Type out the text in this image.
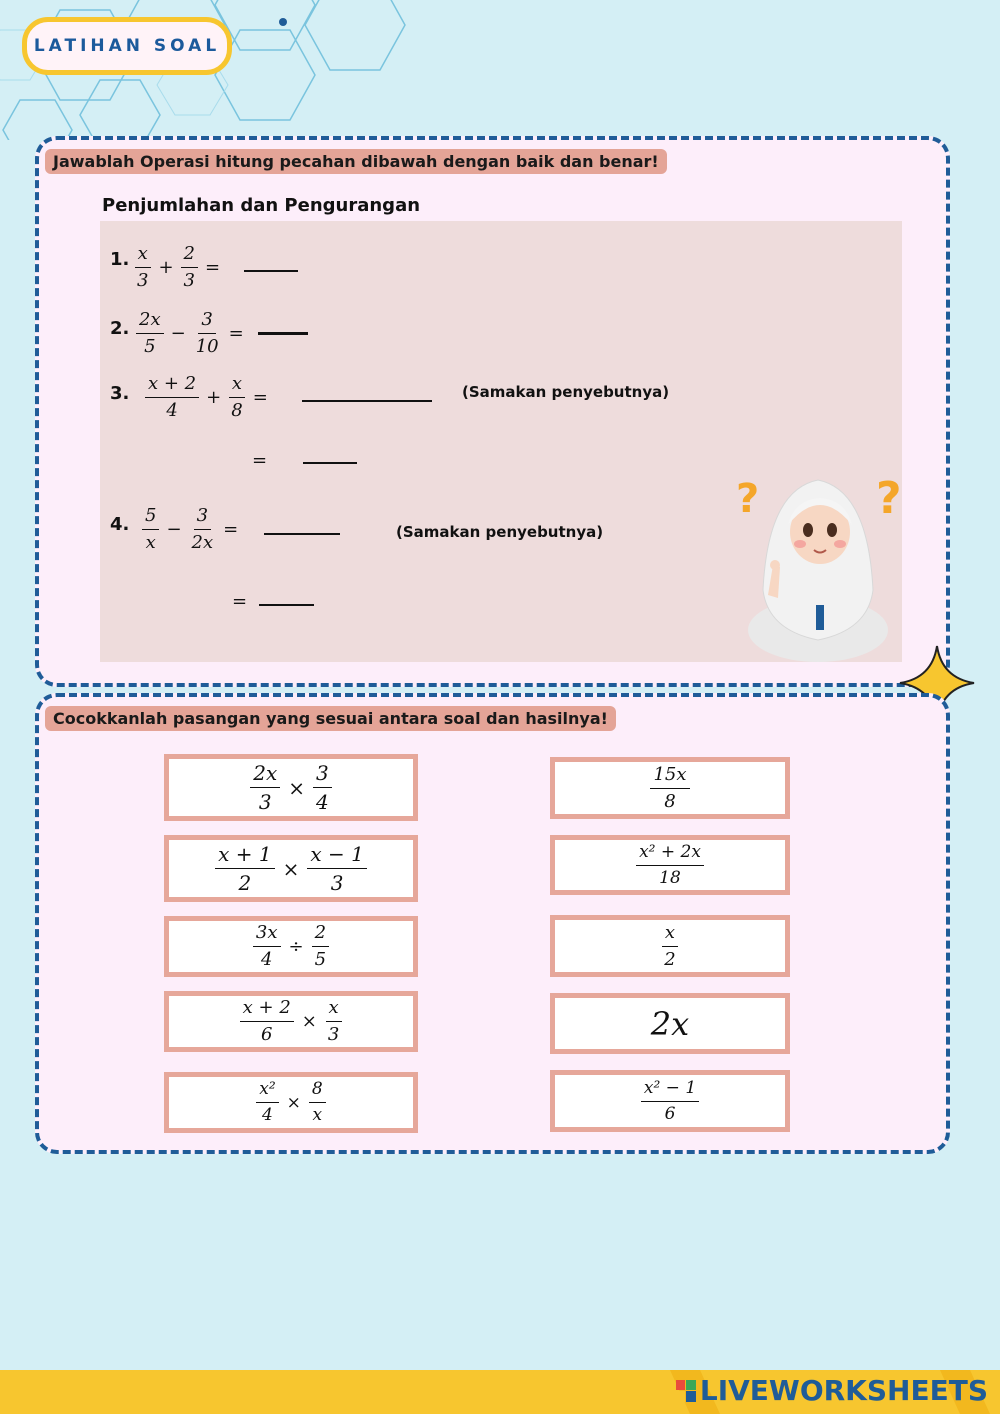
LATIHAN SOAL
Jawablah Operasi hitung pecahan dibawah dengan baik dan benar!
Penjumlahan dan Pengurangan
1. $\frac{x}{3} + \frac{2}{3}$ =
2. $\frac{2x}{5} - \frac{3}{10}$ =
3. $\frac{x + 2}{4} + \frac{x}{8}$ =	(Samakan penyebutnya)
=
4. $\frac{5}{x} - \frac{3}{2x}$ =	(Samakan penyebutnya)
=
?	?
Cocokkanlah pasangan yang sesuai antara soal dan hasilnya!
$\frac{2x}{3} \times \frac{3}{4}$
$\frac{x + 1}{2} \times \frac{x - 1}{3}$
$\frac{3x}{4} \div \frac{2}{5}$
$\frac{x + 2}{6} \times \frac{x}{3}$
$\frac{\text{x²}}{4} \times \frac{8}{x}$
$\frac{15x}{8}$
$\frac{\text{x² + 2x}}{18}$
$\frac{x}{2}$
2x
$\frac{\text{x² − 1}}{6}$
LIVEWORKSHEETS
